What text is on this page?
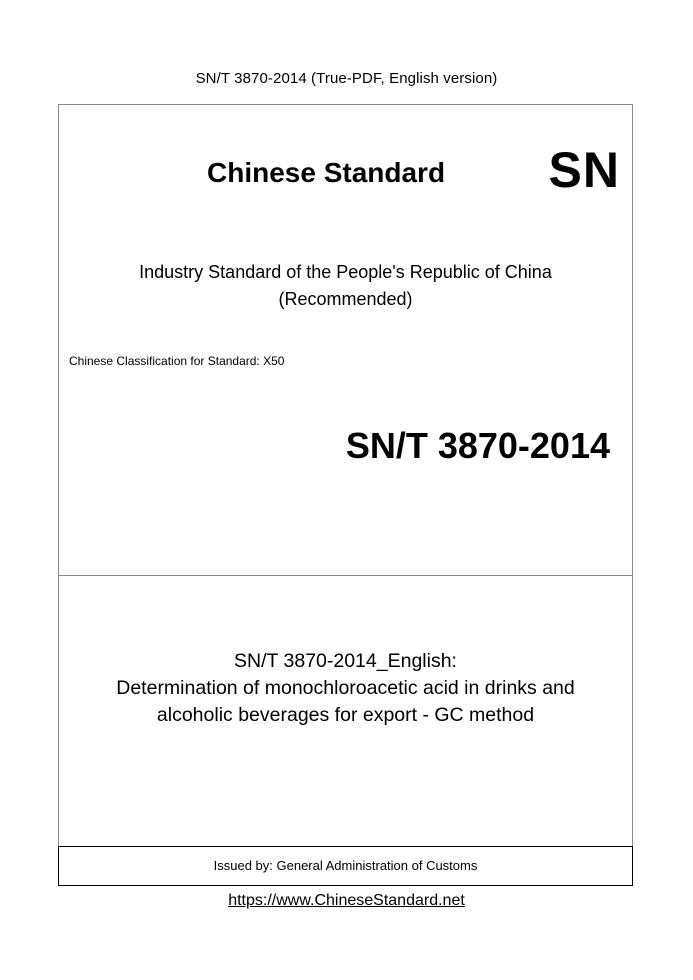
SN/T 3870-2014 (True-PDF, English version)
Chinese Standard SN
Industry Standard of the People's Republic of China
(Recommended)
Chinese Classification for Standard: X50
SN/T 3870-2014
SN/T 3870-2014_English:
Determination of monochloroacetic acid in drinks and
alcoholic beverages for export - GC method
Issued by: General Administration of Customs
https://www.ChineseStandard.net
